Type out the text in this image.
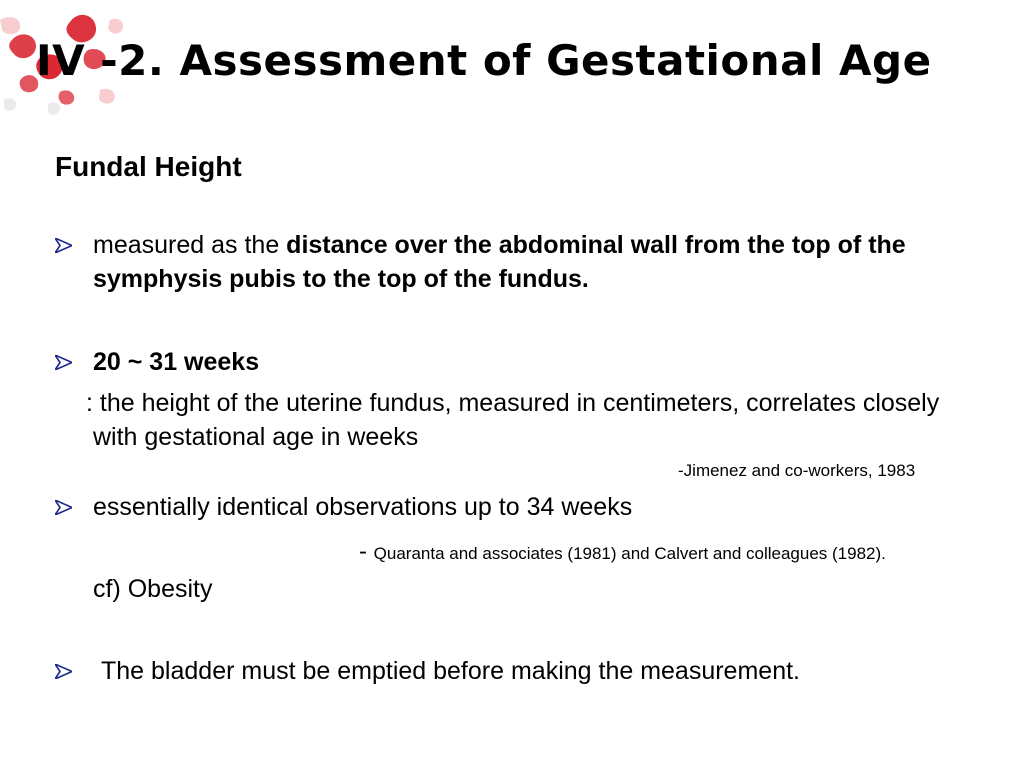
IV -2. Assessment of Gestational Age
Fundal Height
measured as the distance over the abdominal wall from the top of the symphysis pubis to the top of the fundus.
20 ~ 31 weeks
: the height of the uterine fundus, measured in centimeters, correlates closely with gestational age in weeks
-Jimenez and co-workers, 1983
essentially identical observations up to 34 weeks
- Quaranta and associates (1981) and Calvert and colleagues (1982).
cf) Obesity
The bladder must be emptied before making the measurement.
